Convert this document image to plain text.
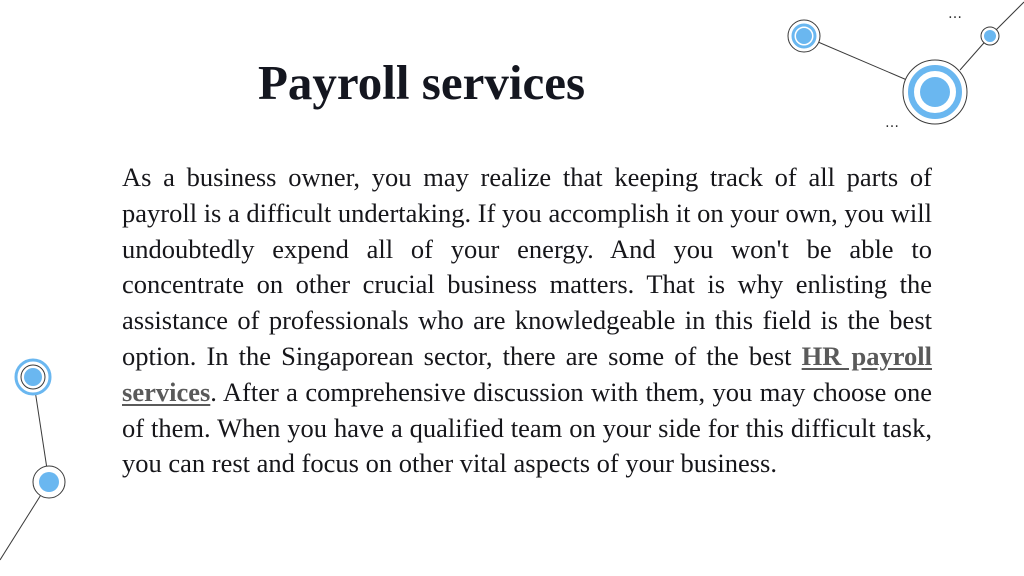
…
…
Payroll services

As a business owner, you may realize that keeping track of all parts of payroll is a difficult undertaking. If you accomplish it on your own, you will undoubtedly expend all of your energy. And you won't be able to concentrate on other crucial business matters. That is why enlisting the assistance of professionals who are knowledgeable in this field is the best option. In the Singaporean sector, there are some of the best HR payroll services. After a comprehensive discussion with them, you may choose one of them. When you have a qualified team on your side for this difficult task, you can rest and focus on other vital aspects of your business.
